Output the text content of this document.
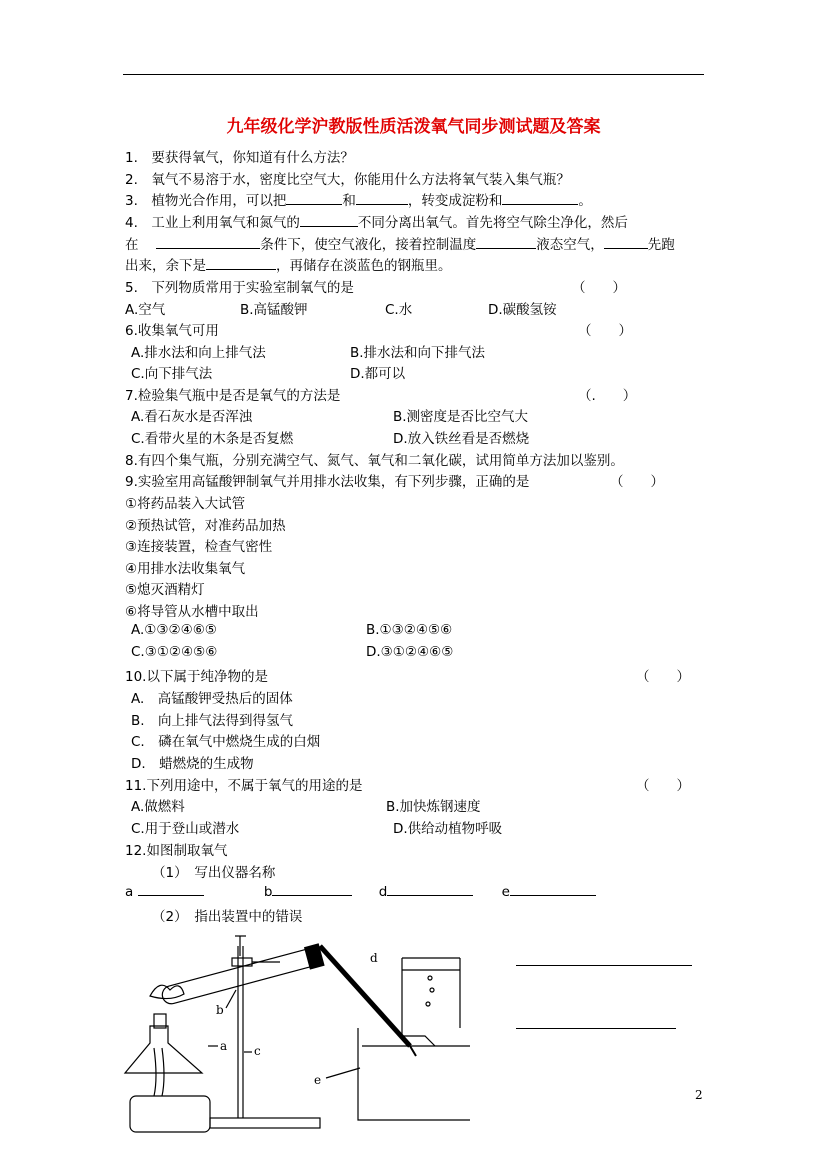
九年级化学沪教版性质活泼氧气同步测试题及答案
1.　要获得氧气，你知道有什么方法？
2.　氧气不易溶于水，密度比空气大，你能用什么方法将氧气装入集气瓶？
3.　植物光合作用，可以把	和	，转变成淀粉和	。
4.　工业上利用氧气和氮气的	不同分离出氧气。首先将空气除尘净化，然后
在　	条件下，使空气液化，接着控制温度	液态空气，	先跑
出来，余下是	，再储存在淡蓝色的钢瓶里。
5.　下列物质常用于实验室制氧气的是	（　　）
A.空气	B.高锰酸钾	C.水	D.碳酸氢铵
6.收集氧气可用	（　　）
A.排水法和向上排气法	B.排水法和向下排气法
C.向下排气法	D.都可以
7.检验集气瓶中是否是氧气的方法是	（.　　）
A.看石灰水是否浑浊	B.测密度是否比空气大
C.看带火星的木条是否复燃	D.放入铁丝看是否燃烧
8.有四个集气瓶，分别充满空气、氮气、氧气和二氧化碳，试用简单方法加以鉴别。
9.实验室用高锰酸钾制氧气并用排水法收集，有下列步骤，正确的是	（　　）
①将药品装入大试管
②预热试管，对准药品加热
③连接装置，检查气密性
④用排水法收集氧气
⑤熄灭酒精灯
⑥将导管从水槽中取出
A.①③②④⑥⑤	B.①③②④⑤⑥
C.③①②④⑤⑥	D.③①②④⑥⑤
10.以下属于纯净物的是	（　　）
A.　高锰酸钾受热后的固体
B.　向上排气法得到得氢气
C.　磷在氧气中燃烧生成的白烟
D.　蜡燃烧的生成物
11.下列用途中，不属于氧气的用途的是	（　　）
A.做燃料	B.加快炼钢速度
C.用于登山或潜水	D.供给动植物呼吸
12.如图制取氧气
（1）　写出仪器名称
a	b	d	e
（2）　指出装置中的错误
d
b
a c
e
2
